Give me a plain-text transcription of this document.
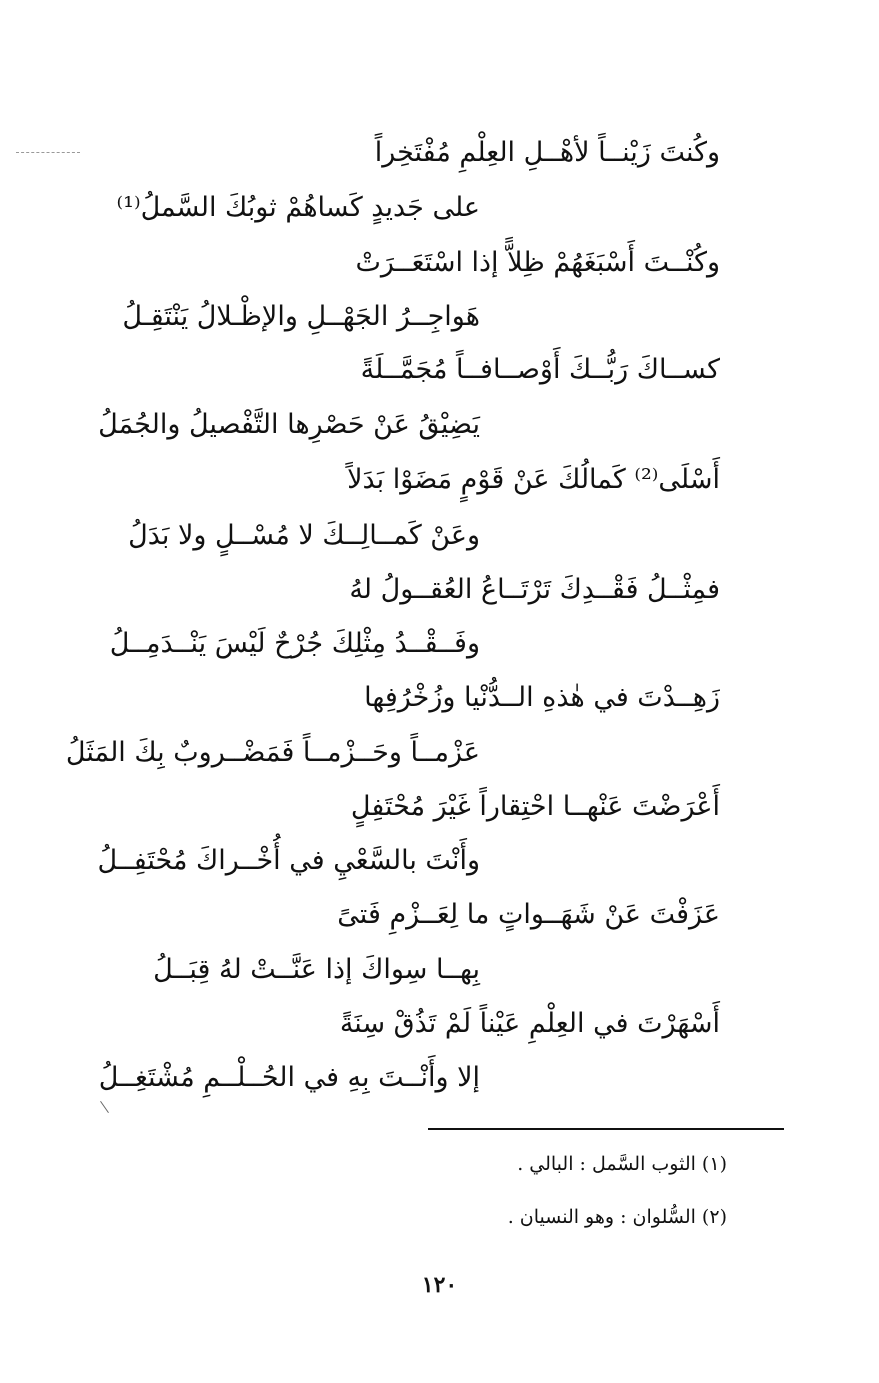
وكُنتَ زَيْنــاً لأهْــلِ العِلْمِ مُفْتَخِراً
على جَديدٍ كَساهُمْ ثوبُكَ السَّملُ⁽¹⁾
وكُنْــتَ أَسْبَغَهُمْ ظِلاًّ إذا اسْتَعَــرَتْ
هَواجِــرُ الجَهْــلِ والإظْـلالُ يَنْتَقِـلُ
كســاكَ رَبُّــكَ أَوْصــافــاً مُجَمَّــلَةً
يَضِيْقُ عَنْ حَصْرِها التَّفْصيلُ والجُمَلُ
أَسْلَى⁽²⁾ كَمالُكَ عَنْ قَوْمٍ مَضَوْا بَدَلاً
وعَنْ كَمــالِــكَ لا مُسْــلٍ ولا بَدَلُ
فمِثْــلُ فَقْــدِكَ تَرْتَــاعُ العُقــولُ لهُ
وفَــقْــدُ مِثْلِكَ جُرْحٌ لَيْسَ يَنْــدَمِــلُ
زَهِــدْتَ في هٰذهِ الــدُّنْيا وزُخْرُفِها
عَزْمــاً وحَــزْمــاً فَمَضْــروبٌ بِكَ المَثَلُ
أَعْرَضْتَ عَنْهــا احْتِقاراً غَيْرَ مُحْتَفِلٍ
وأَنْتَ بالسَّعْيِ في أُخْــراكَ مُحْتَفِــلُ
عَزَفْتَ عَنْ شَهَــواتٍ ما لِعَــزْمِ فَتىً
بِهــا سِواكَ إذا عَنَّــتْ لهُ قِبَــلُ
أَسْهَرْتَ في العِلْمِ عَيْناً لَمْ تَذُقْ سِنَةً
إلا وأَنْــتَ بِهِ في الحُــلْــمِ مُشْتَغِــلُ
(١) الثوب السَّمل : البالي .
(٢) السُّلوان : وهو النسيان .
١٢٠
